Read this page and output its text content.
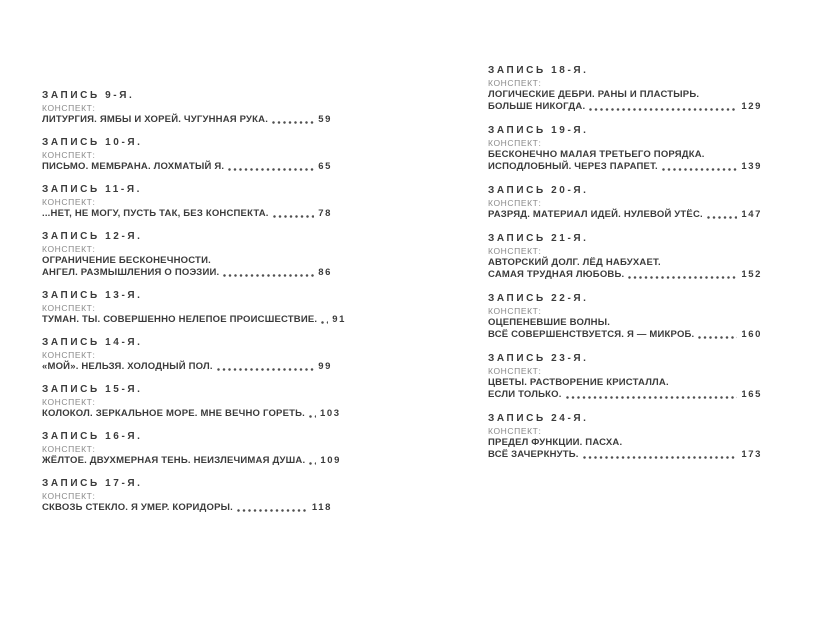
ЗАПИСЬ 9-Я.
КОНСПЕКТ:
ЛИТУРГИЯ. ЯМБЫ И ХОРЕЙ. ЧУГУННАЯ РУКА.	59
ЗАПИСЬ 10-Я.
КОНСПЕКТ:
ПИСЬМО. МЕМБРАНА. ЛОХМАТЫЙ Я.	65
ЗАПИСЬ 11-Я.
КОНСПЕКТ:
...НЕТ, НЕ МОГУ, ПУСТЬ ТАК, БЕЗ КОНСПЕКТА.	78
ЗАПИСЬ 12-Я.
КОНСПЕКТ:
ОГРАНИЧЕНИЕ БЕСКОНЕЧНОСТИ.
АНГЕЛ. РАЗМЫШЛЕНИЯ О ПОЭЗИИ.	86
ЗАПИСЬ 13-Я.
КОНСПЕКТ:
ТУМАН. ТЫ. СОВЕРШЕННО НЕЛЕПОЕ ПРОИСШЕСТВИЕ. 91
ЗАПИСЬ 14-Я.
КОНСПЕКТ:
«МОЙ». НЕЛЬЗЯ. ХОЛОДНЫЙ ПОЛ.	99
ЗАПИСЬ 15-Я.
КОНСПЕКТ:
КОЛОКОЛ. ЗЕРКАЛЬНОЕ МОРЕ. МНЕ ВЕЧНО ГОРЕТЬ. 103
ЗАПИСЬ 16-Я.
КОНСПЕКТ:
ЖЁЛТОЕ. ДВУХМЕРНАЯ ТЕНЬ. НЕИЗЛЕЧИМАЯ ДУША. 109
ЗАПИСЬ 17-Я.
КОНСПЕКТ:
СКВОЗЬ СТЕКЛО. Я УМЕР. КОРИДОРЫ.	118
ЗАПИСЬ 18-Я.
КОНСПЕКТ:
ЛОГИЧЕСКИЕ ДЕБРИ. РАНЫ И ПЛАСТЫРЬ.
БОЛЬШЕ НИКОГДА.	129
ЗАПИСЬ 19-Я.
КОНСПЕКТ:
БЕСКОНЕЧНО МАЛАЯ ТРЕТЬЕГО ПОРЯДКА.
ИСПОДЛОБНЫЙ. ЧЕРЕЗ ПАРАПЕТ.	139
ЗАПИСЬ 20-Я.
КОНСПЕКТ:
РАЗРЯД. МАТЕРИАЛ ИДЕЙ. НУЛЕВОЙ УТЁС.	147
ЗАПИСЬ 21-Я.
КОНСПЕКТ:
АВТОРСКИЙ ДОЛГ. ЛЁД НАБУХАЕТ.
САМАЯ ТРУДНАЯ ЛЮБОВЬ.	152
ЗАПИСЬ 22-Я.
КОНСПЕКТ:
ОЦЕПЕНЕВШИЕ ВОЛНЫ.
ВСЁ СОВЕРШЕНСТВУЕТСЯ. Я — МИКРОБ.	160
ЗАПИСЬ 23-Я.
КОНСПЕКТ:
ЦВЕТЫ. РАСТВОРЕНИЕ КРИСТАЛЛА.
ЕСЛИ ТОЛЬКО.	165
ЗАПИСЬ 24-Я.
КОНСПЕКТ:
ПРЕДЕЛ ФУНКЦИИ. ПАСХА.
ВСЁ ЗАЧЕРКНУТЬ.	173
